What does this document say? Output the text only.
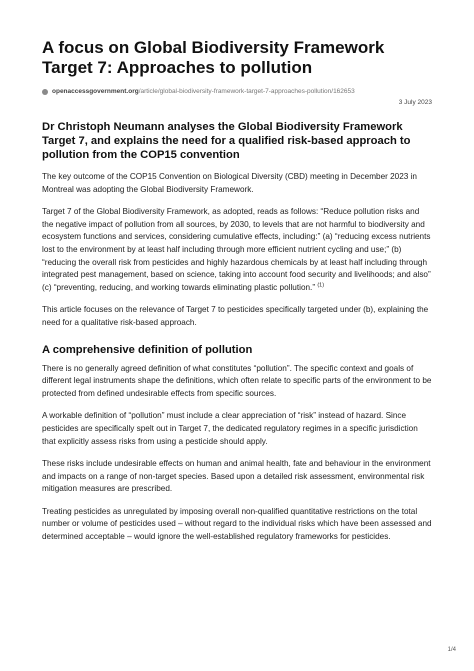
A focus on Global Biodiversity Framework Target 7: Approaches to pollution
openaccessgovernment.org /article/global-biodiversity-framework-target-7-approaches-pollution/162653
3 July 2023
Dr Christoph Neumann analyses the Global Biodiversity Framework Target 7, and explains the need for a qualified risk-based approach to pollution from the COP15 convention

The key outcome of the COP15 Convention on Biological Diversity (CBD) meeting in December 2023 in Montreal was adopting the Global Biodiversity Framework.

Target 7 of the Global Biodiversity Framework, as adopted, reads as follows: “Reduce pollution risks and the negative impact of pollution from all sources, by 2030, to levels that are not harmful to biodiversity and ecosystem functions and services, considering cumulative effects, including:” (a) “reducing excess nutrients lost to the environment by at least half including through more efficient nutrient cycling and use;” (b) “reducing the overall risk from pesticides and highly hazardous chemicals by at least half including through integrated pest management, based on science, taking into account food security and livelihoods; and also” (c) “preventing, reducing, and working towards eliminating plastic pollution.” $^{(1)}$

This article focuses on the relevance of Target 7 to pesticides specifically targeted under (b), explaining the need for a qualitative risk-based approach.

A comprehensive definition of pollution

There is no generally agreed definition of what constitutes “pollution”. The specific context and goals of different legal instruments shape the definitions, which often relate to specific parts of the environment to be protected from defined undesirable effects from specific sources.

A workable definition of “pollution” must include a clear appreciation of “risk” instead of hazard. Since pesticides are specifically spelt out in Target 7, the dedicated regulatory regimes in a specific jurisdiction that explicitly assess risks from using a pesticide should apply.

These risks include undesirable effects on human and animal health, fate and behaviour in the environment and impacts on a range of non-target species. Based upon a detailed risk assessment, environmental risk mitigation measures are prescribed.

Treating pesticides as unregulated by imposing overall non-qualified quantitative restrictions on the total number or volume of pesticides used – without regard to the individual risks which have been assessed and determined acceptable – would ignore the well-established regulatory frameworks for pesticides.

1/4
